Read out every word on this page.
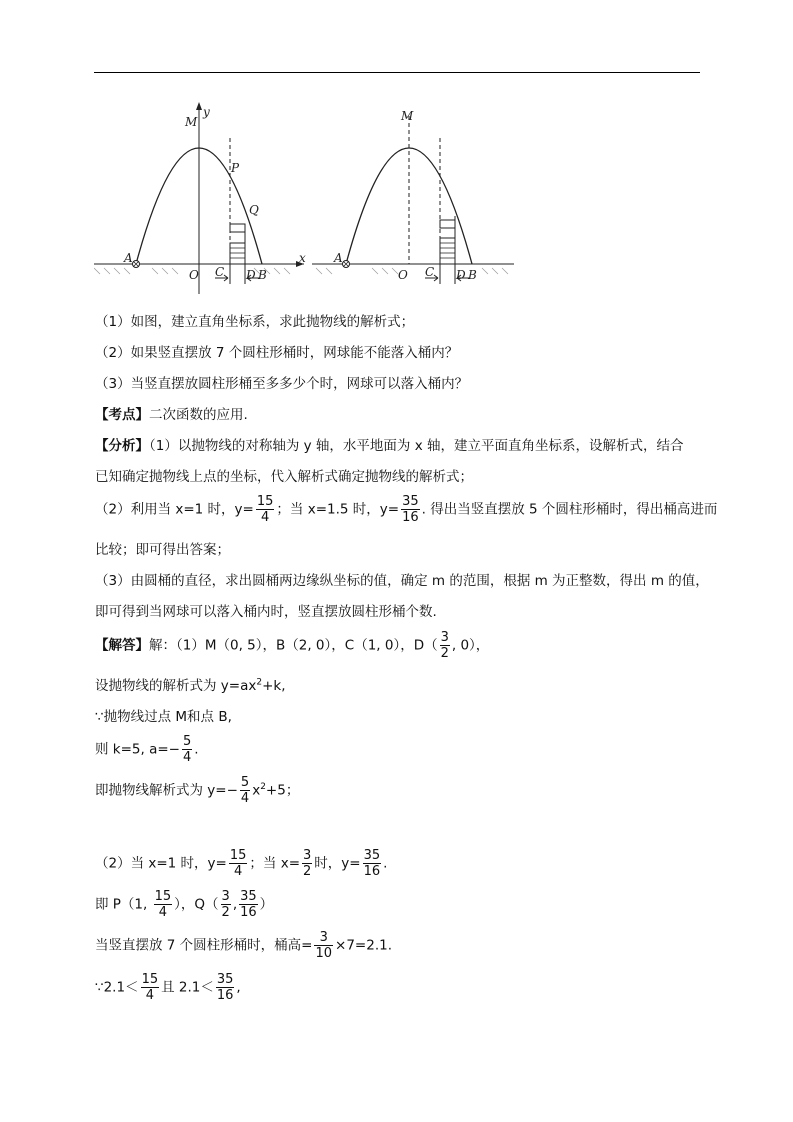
y
M
P
Q
A
O C D B
x
M
A
O C D B
（1）如图，建立直角坐标系，求此抛物线的解析式；
（2）如果竖直摆放 7 个圆柱形桶时，网球能不能落入桶内？
（3）当竖直摆放圆柱形桶至多多少个时，网球可以落入桶内？
【考点】二次函数的应用.
【分析】（1）以抛物线的对称轴为 y 轴，水平地面为 x 轴，建立平面直角坐标系，设解析式，结合
已知确定抛物线上点的坐标，代入解析式确定抛物线的解析式；
（2）利用当 x=1 时，$y= \frac{15}{4}$ ；当 x=1.5 时，$y= \frac{35}{16}$ . 得出当竖直摆放 5 个圆柱形桶时，得出桶高进而
比较；即可得出答案；
（3）由圆桶的直径，求出圆桶两边缘纵坐标的值，确定 m 的范围，根据 m 为正整数，得出 m 的值，
即可得到当网球可以落入桶内时，竖直摆放圆柱形桶个数.
【解答】解：（1）M（0, 5），B（2, 0），C（1, 0），$D( \frac{3}{2}$ , 0），
设抛物线的解析式为 $y=ax^2+k$,
∵抛物线过点 M和点 B,
则 k=5, $a=- \frac{5}{4}$ .
即抛物线解析式为 $y=- \frac{5}{4} x^2+5$；
（2）当 x=1 时，$y= \frac{15}{4}$ ；当 $x= \frac{3}{2}$ 时，$y= \frac{35}{16}$ .
即 P（1, $\frac{15}{4}$ ），$Q( \frac{3}{2}$ , $\frac{35}{16}$ ）
当竖直摆放 7 个圆柱形桶时，桶高= $\frac{3}{10} \times 7=2.1$.
∵2.1＜ $\frac{15}{4}$ 且 $2.1< \frac{35}{16}$ ,
